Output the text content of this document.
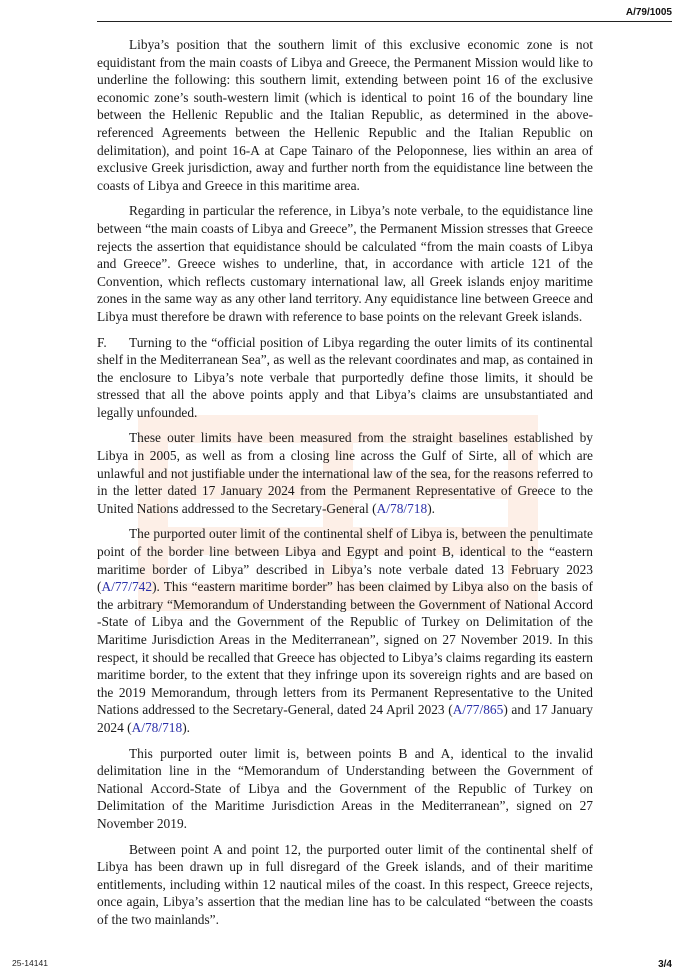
A/79/1005

Libya’s position that the southern limit of this exclusive economic zone is not equidistant from the main coasts of Libya and Greece, the Permanent Mission would like to underline the following: this southern limit, extending between point 16 of the exclusive economic zone’s south-western limit (which is identical to point 16 of the boundary line between the Hellenic Republic and the Italian Republic, as determined in the above-referenced Agreements between the Hellenic Republic and the Italian Republic on delimitation), and point 16-A at Cape Tainaro of the Peloponnese, lies within an area of exclusive Greek jurisdiction, away and further north from the equidistance line between the coasts of Libya and Greece in this maritime area.

Regarding in particular the reference, in Libya’s note verbale, to the equidistance line between “the main coasts of Libya and Greece”, the Permanent Mission stresses that Greece rejects the assertion that equidistance should be calculated “from the main coasts of Libya and Greece”. Greece wishes to underline, that, in accordance with article 121 of the Convention, which reflects customary international law, all Greek islands enjoy maritime zones in the same way as any other land territory. Any equidistance line between Greece and Libya must therefore be drawn with reference to base points on the relevant Greek islands.

F. Turning to the “official position of Libya regarding the outer limits of its continental shelf in the Mediterranean Sea”, as well as the relevant coordinates and map, as contained in the enclosure to Libya’s note verbale that purportedly define those limits, it should be stressed that all the above points apply and that Libya’s claims are unsubstantiated and legally unfounded.

These outer limits have been measured from the straight baselines established by Libya in 2005, as well as from a closing line across the Gulf of Sirte, all of which are unlawful and not justifiable under the international law of the sea, for the reasons referred to in the letter dated 17 January 2024 from the Permanent Representative of Greece to the United Nations addressed to the Secretary-General (A/78/718).

The purported outer limit of the continental shelf of Libya is, between the penultimate point of the border line between Libya and Egypt and point B, identical to the “eastern maritime border of Libya” described in Libya’s note verbale dated 13 February 2023 (A/77/742). This “eastern maritime border” has been claimed by Libya also on the basis of the arbitrary “Memorandum of Understanding between the Government of National Accord -State of Libya and the Government of the Republic of Turkey on Delimitation of the Maritime Jurisdiction Areas in the Mediterranean”, signed on 27 November 2019. In this respect, it should be recalled that Greece has objected to Libya’s claims regarding its eastern maritime border, to the extent that they infringe upon its sovereign rights and are based on the 2019 Memorandum, through letters from its Permanent Representative to the United Nations addressed to the Secretary-General, dated 24 April 2023 (A/77/865) and 17 January 2024 (A/78/718).

This purported outer limit is, between points B and A, identical to the invalid delimitation line in the “Memorandum of Understanding between the Government of National Accord-State of Libya and the Government of the Republic of Turkey on Delimitation of the Maritime Jurisdiction Areas in the Mediterranean”, signed on 27 November 2019.

Between point A and point 12, the purported outer limit of the continental shelf of Libya has been drawn up in full disregard of the Greek islands, and of their maritime entitlements, including within 12 nautical miles of the coast. In this respect, Greece rejects, once again, Libya’s assertion that the median line has to be calculated “between the coasts of the two mainlands”.

25-14141	3/4
